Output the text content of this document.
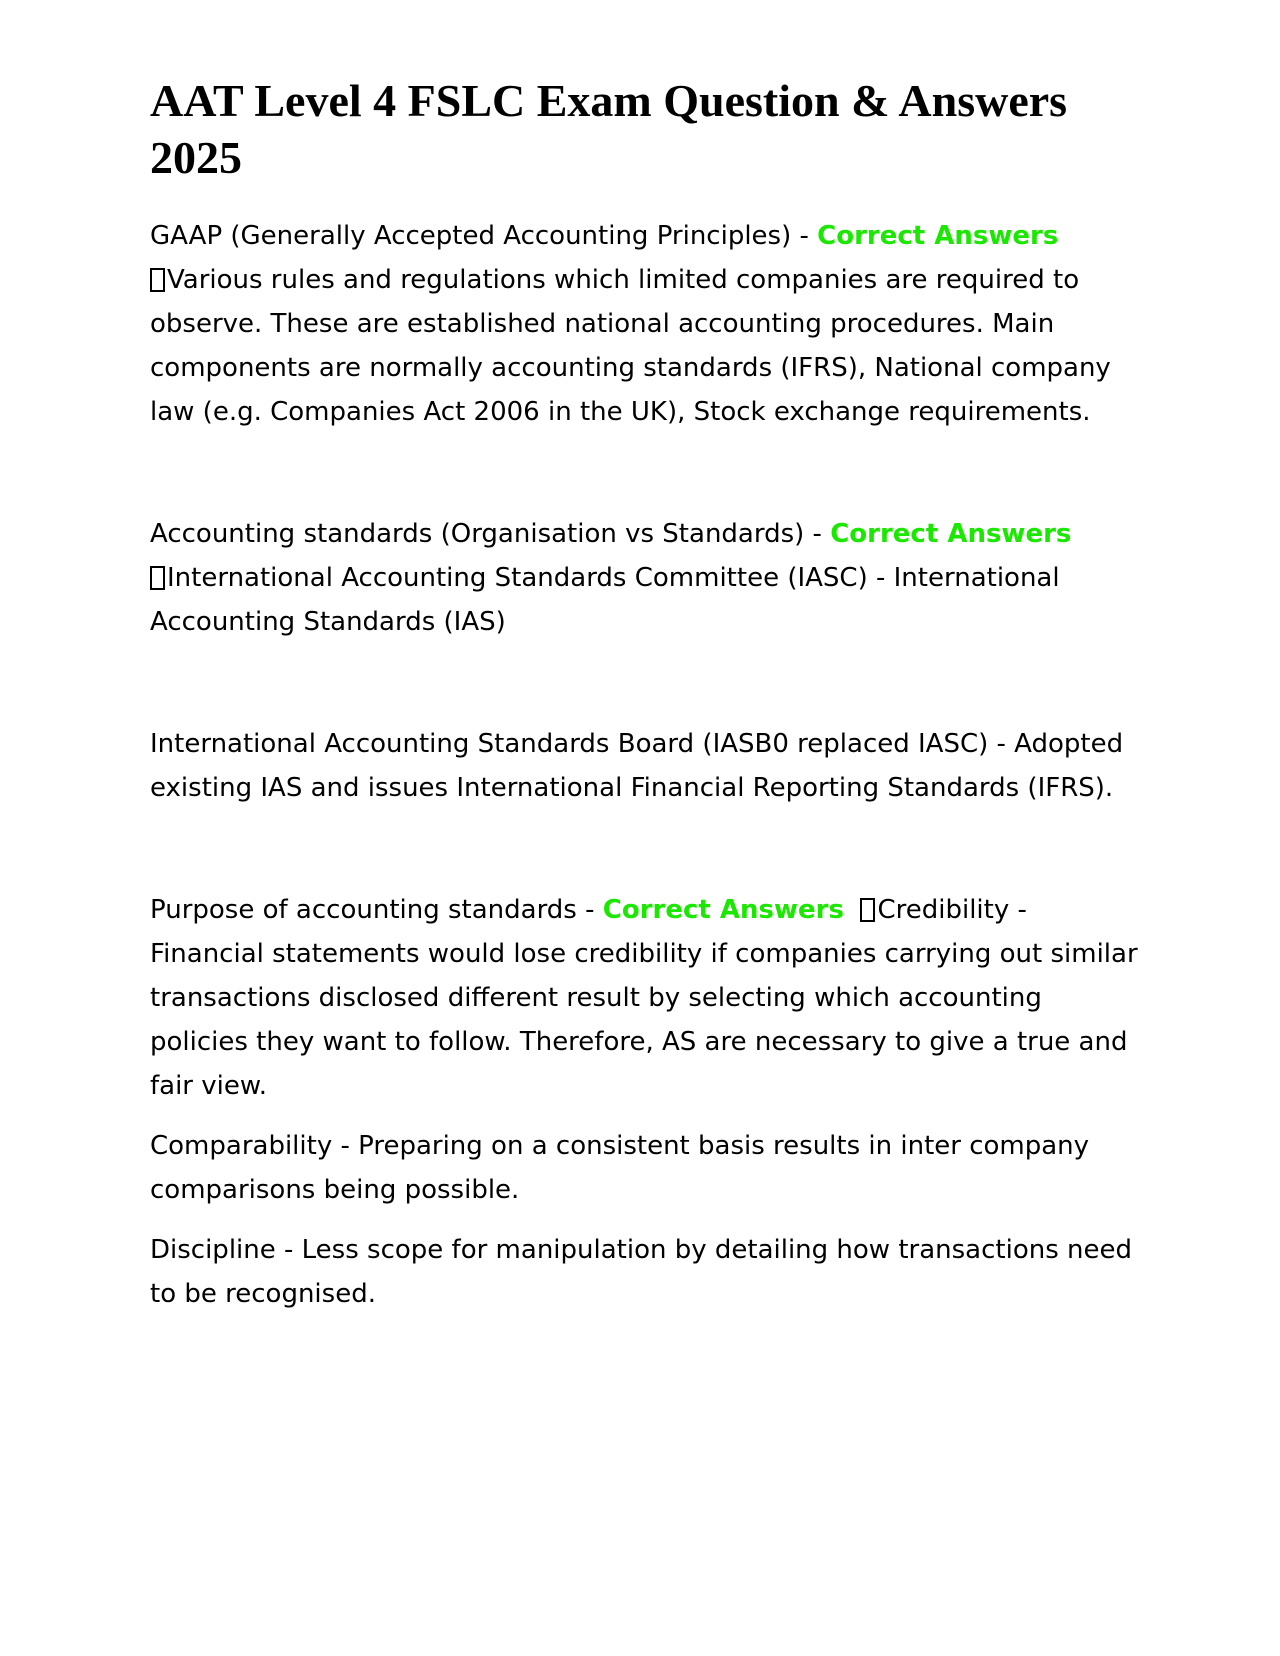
AAT Level 4 FSLC Exam Question & Answers 2025

GAAP (Generally Accepted Accounting Principles) - Correct Answers
Various rules and regulations which limited companies are required to observe. These are established national accounting procedures. Main components are normally accounting standards (IFRS), National company law (e.g. Companies Act 2006 in the UK), Stock exchange requirements.

Accounting standards (Organisation vs Standards) - Correct Answers
International Accounting Standards Committee (IASC) - International Accounting Standards (IAS)

International Accounting Standards Board (IASB0 replaced IASC) - Adopted existing IAS and issues International Financial Reporting Standards (IFRS).

Purpose of accounting standards - Correct Answers Credibility - Financial statements would lose credibility if companies carrying out similar transactions disclosed different result by selecting which accounting policies they want to follow. Therefore, AS are necessary to give a true and fair view.

Comparability - Preparing on a consistent basis results in inter company comparisons being possible.

Discipline - Less scope for manipulation by detailing how transactions need to be recognised.
